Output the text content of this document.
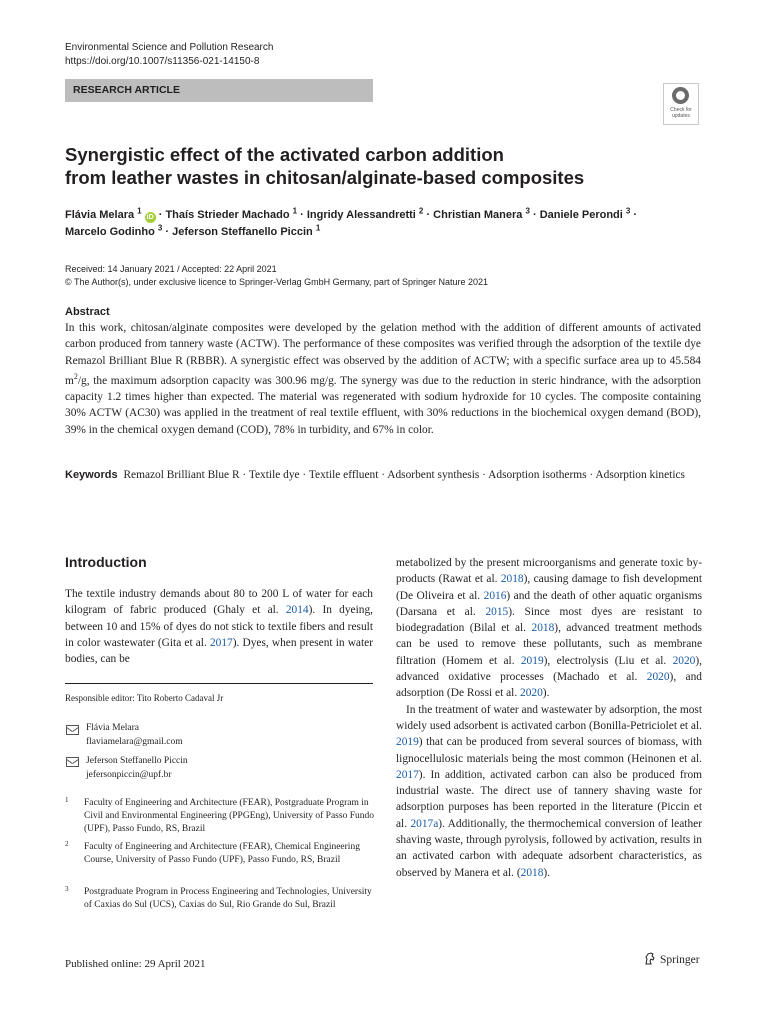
Environmental Science and Pollution Research
https://doi.org/10.1007/s11356-021-14150-8
RESEARCH ARTICLE
Check for
updates
Synergistic effect of the activated carbon addition
from leather wastes in chitosan/alginate-based composites
Flávia Melara $^1$ iD · Thaís Strieder Machado $^1$ · Ingridy Alessandretti $^2$ · Christian Manera $^3$ · Daniele Perondi $^3$ ·
Marcelo Godinho $^3$ · Jeferson Steffanello Piccin $^1$
Received: 14 January 2021 / Accepted: 22 April 2021
© The Author(s), under exclusive licence to Springer-Verlag GmbH Germany, part of Springer Nature 2021
Abstract
In this work, chitosan/alginate composites were developed by the gelation method with the addition of different amounts of activated carbon produced from tannery waste (ACTW). The performance of these composites was verified through the adsorption of the textile dye Remazol Brilliant Blue R (RBBR). A synergistic effect was observed by the addition of ACTW; with a specific surface area up to 45.584 $m^2/g$, the maximum adsorption capacity was 300.96 mg/g. The synergy was due to the reduction in steric hindrance, with the adsorption capacity 1.2 times higher than expected. The material was regenerated with sodium hydroxide for 10 cycles. The composite containing 30% ACTW (AC30) was applied in the treatment of real textile effluent, with 30% reductions in the biochemical oxygen demand (BOD), 39% in the chemical oxygen demand (COD), 78% in turbidity, and 67% in color.
Keywords Remazol Brilliant Blue R · Textile dye · Textile effluent · Adsorbent synthesis · Adsorption isotherms · Adsorption kinetics
Introduction
The textile industry demands about 80 to 200 L of water for each kilogram of fabric produced (Ghaly et al. 2014). In dyeing, between 10 and 15% of dyes do not stick to textile fibers and result in color wastewater (Gita et al. 2017). Dyes, when present in water bodies, can be

metabolized by the present microorganisms and generate toxic by-products (Rawat et al. 2018), causing damage to fish development (De Oliveira et al. 2016) and the death of other aquatic organisms (Darsana et al. 2015). Since most dyes are resistant to biodegradation (Bilal et al. 2018), advanced treatment methods can be used to remove these pollutants, such as membrane filtration (Homem et al. 2019), electrolysis (Liu et al. 2020), advanced oxidative processes (Machado et al. 2020), and adsorption (De Rossi et al. 2020).

In the treatment of water and wastewater by adsorption, the most widely used adsorbent is activated carbon (Bonilla-Petriciolet et al. 2019) that can be produced from several sources of biomass, with lignocellulosic materials being the most common (Heinonen et al. 2017). In addition, activated carbon can also be produced from industrial waste. The direct use of tannery shaving waste for adsorption purposes has been reported in the literature (Piccin et al. 2017a). Additionally, the thermochemical conversion of leather shaving waste, through pyrolysis, followed by activation, results in an activated carbon with adequate adsorbent characteristics, as observed by Manera et al. (2018).

Responsible editor: Tito Roberto Cadaval Jr
Flávia Melara
flaviamelara@gmail.com
Jeferson Steffanello Piccin
jefersonpiccin@upf.br
1 Faculty of Engineering and Architecture (FEAR), Postgraduate Program in Civil and Environmental Engineering (PPGEng), University of Passo Fundo (UPF), Passo Fundo, RS, Brazil
2 Faculty of Engineering and Architecture (FEAR), Chemical Engineering Course, University of Passo Fundo (UPF), Passo Fundo, RS, Brazil
3 Postgraduate Program in Process Engineering and Technologies, University of Caxias do Sul (UCS), Caxias do Sul, Rio Grande do Sul, Brazil
Published online: 29 April 2021	Springer
